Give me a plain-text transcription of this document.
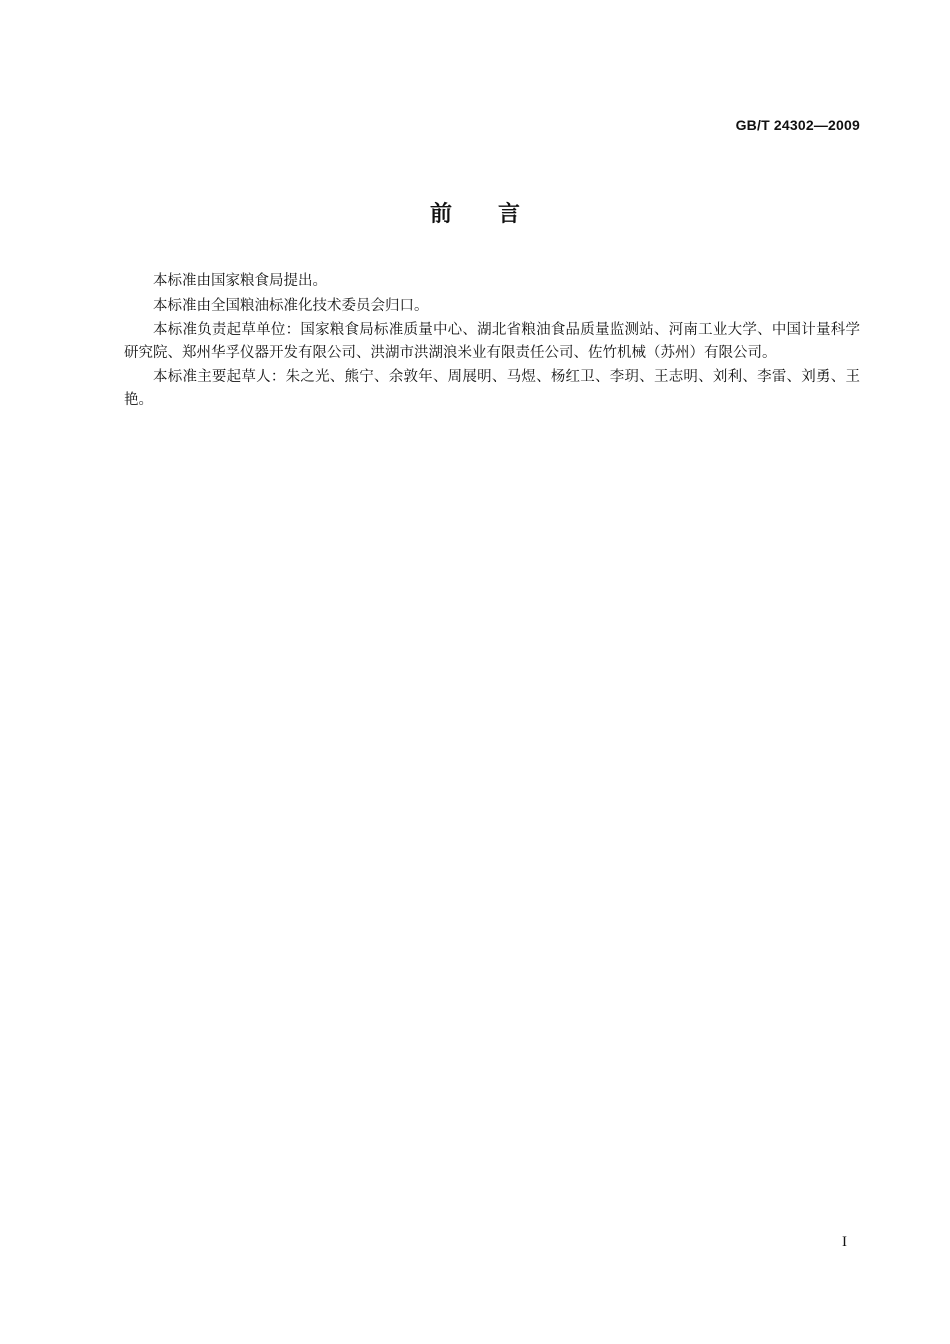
GB/T 24302—2009
前言

本标准由国家粮食局提出。

本标准由全国粮油标准化技术委员会归口。

本标准负责起草单位：国家粮食局标准质量中心、湖北省粮油食品质量监测站、河南工业大学、中国计量科学研究院、郑州华孚仪器开发有限公司、洪湖市洪湖浪米业有限责任公司、佐竹机械（苏州）有限公司。

本标准主要起草人：朱之光、熊宁、余敦年、周展明、马煜、杨红卫、李玥、王志明、刘利、李雷、刘勇、王艳。

I
